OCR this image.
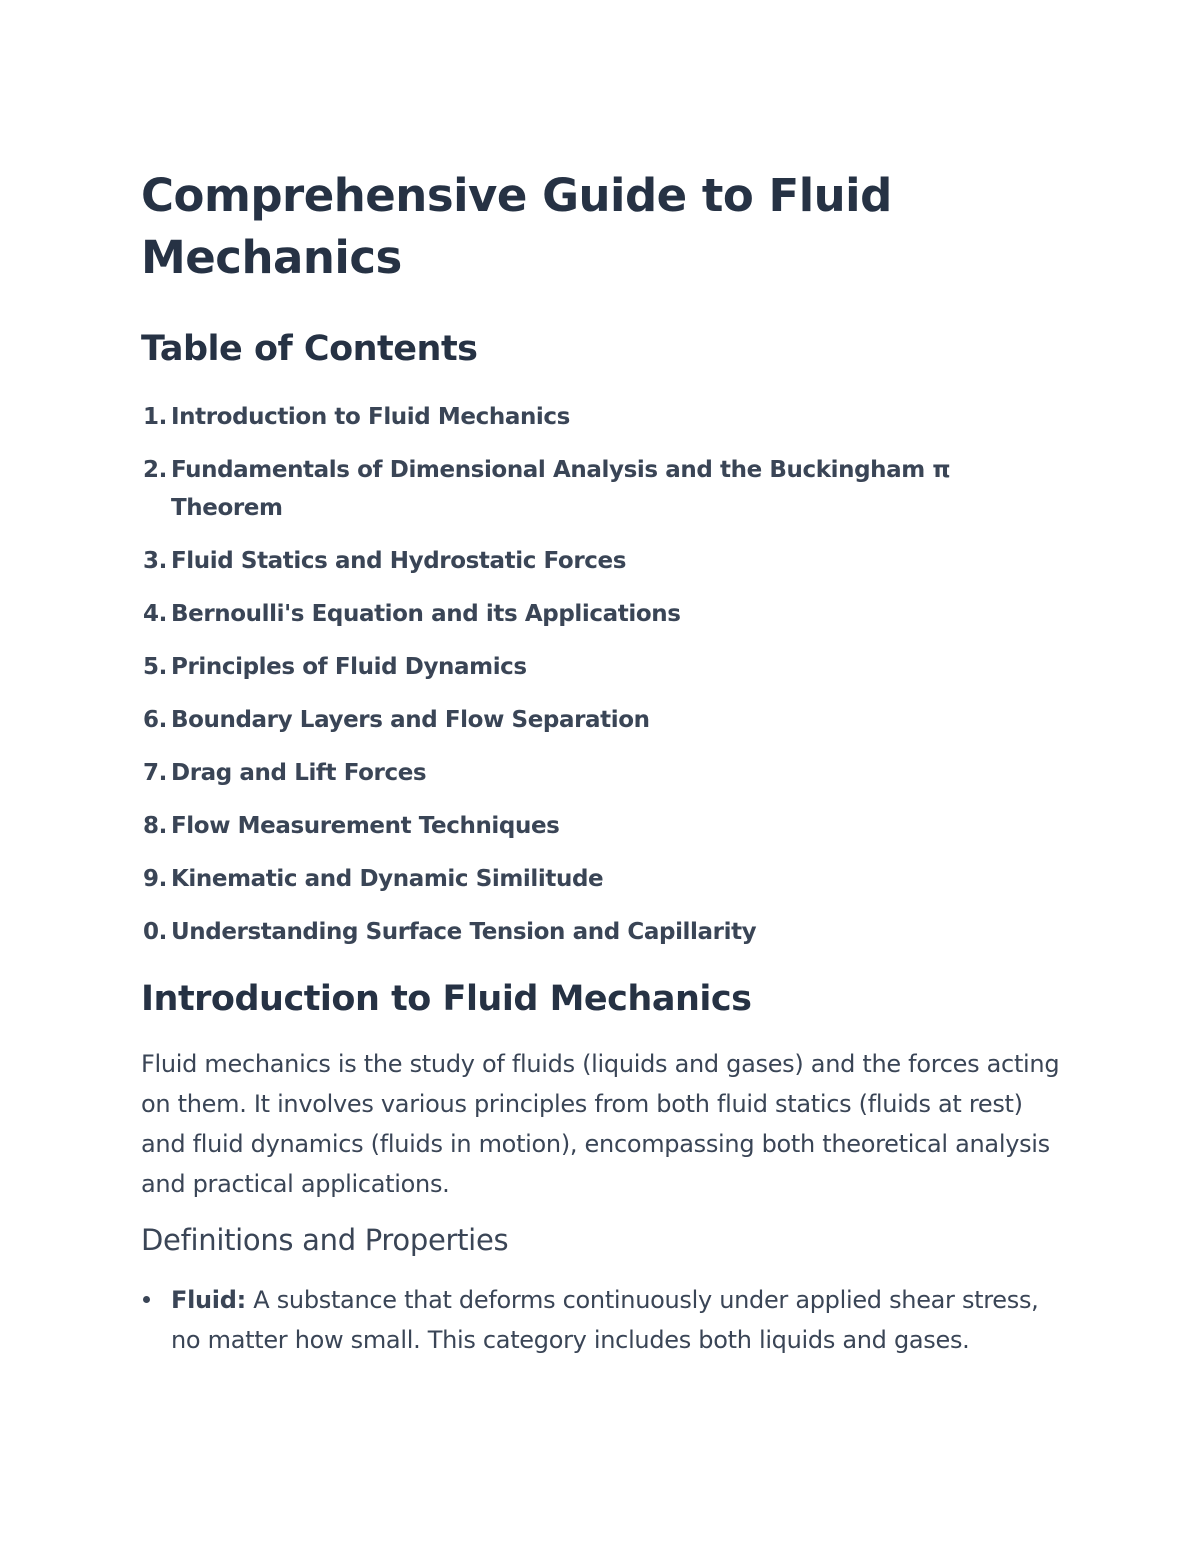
Comprehensive Guide to Fluid Mechanics
Table of Contents
1. Introduction to Fluid Mechanics
2. Fundamentals of Dimensional Analysis and the Buckingham π Theorem
3. Fluid Statics and Hydrostatic Forces
4. Bernoulli's Equation and its Applications
5. Principles of Fluid Dynamics
6. Boundary Layers and Flow Separation
7. Drag and Lift Forces
8. Flow Measurement Techniques
9. Kinematic and Dynamic Similitude
0. Understanding Surface Tension and Capillarity
Introduction to Fluid Mechanics

Fluid mechanics is the study of fluids (liquids and gases) and the forces acting on them. It involves various principles from both fluid statics (fluids at rest) and fluid dynamics (fluids in motion), encompassing both theoretical analysis and practical applications.

Definitions and Properties
Fluid: A substance that deforms continuously under applied shear stress, no matter how small. This category includes both liquids and gases.
